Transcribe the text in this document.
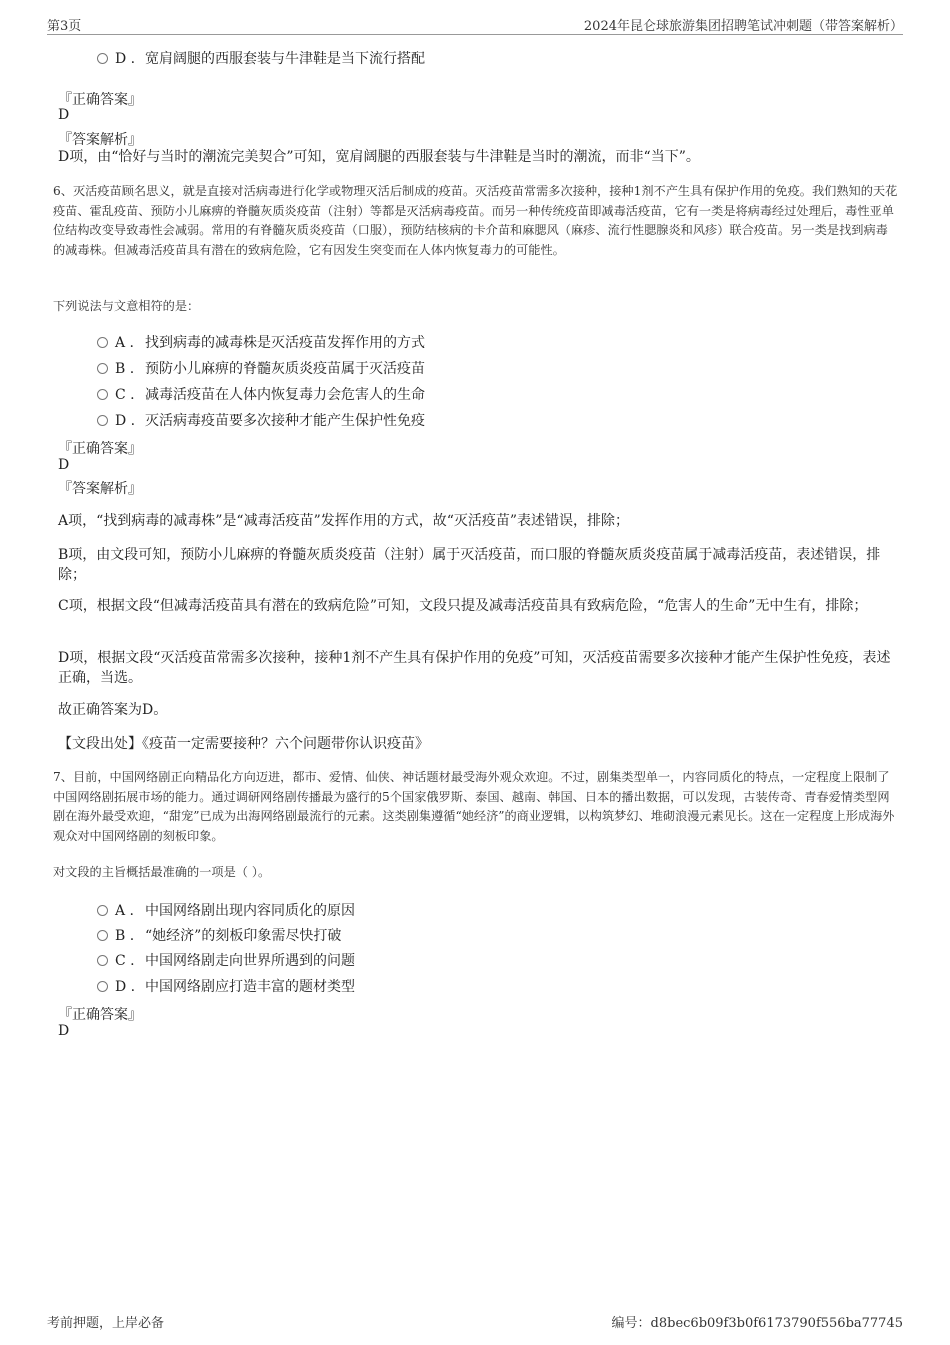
第3页	2024年昆仑球旅游集团招聘笔试冲刺题（带答案解析）
D . 宽肩阔腿的西服套装与牛津鞋是当下流行搭配
『正确答案』
D
『答案解析』
D项，由“恰好与当时的潮流完美契合”可知，宽肩阔腿的西服套装与牛津鞋是当时的潮流，而非“当下”。
6、灭活疫苗顾名思义，就是直接对活病毒进行化学或物理灭活后制成的疫苗。灭活疫苗常需多次接种，接种1剂不产生具有保护作用的免疫。我们熟知的天花疫苗、霍乱疫苗、预防小儿麻痹的脊髓灰质炎疫苗（注射）等都是灭活病毒疫苗。而另一种传统疫苗即减毒活疫苗，它有一类是将病毒经过处理后，毒性亚单位结构改变导致毒性会减弱。常用的有脊髓灰质炎疫苗（口服），预防结核病的卡介苗和麻腮风（麻疹、流行性腮腺炎和风疹）联合疫苗。另一类是找到病毒的减毒株。但减毒活疫苗具有潜在的致病危险，它有因发生突变而在人体内恢复毒力的可能性。
下列说法与文意相符的是：
A . 找到病毒的减毒株是灭活疫苗发挥作用的方式
B . 预防小儿麻痹的脊髓灰质炎疫苗属于灭活疫苗
C . 减毒活疫苗在人体内恢复毒力会危害人的生命
D . 灭活病毒疫苗要多次接种才能产生保护性免疫
『正确答案』
D
『答案解析』
A项，“找到病毒的减毒株”是“减毒活疫苗”发挥作用的方式，故“灭活疫苗”表述错误，排除；
B项，由文段可知，预防小儿麻痹的脊髓灰质炎疫苗（注射）属于灭活疫苗，而口服的脊髓灰质炎疫苗属于减毒活疫苗，表述错误，排除；
C项，根据文段“但减毒活疫苗具有潜在的致病危险”可知，文段只提及减毒活疫苗具有致病危险，“危害人的生命”无中生有，排除；
D项，根据文段“灭活疫苗常需多次接种，接种1剂不产生具有保护作用的免疫”可知，灭活疫苗需要多次接种才能产生保护性免疫，表述正确，当选。
故正确答案为D。
【文段出处】《疫苗一定需要接种？六个问题带你认识疫苗》
7、目前，中国网络剧正向精品化方向迈进，都市、爱情、仙侠、神话题材最受海外观众欢迎。不过，剧集类型单一，内容同质化的特点，一定程度上限制了中国网络剧拓展市场的能力。通过调研网络剧传播最为盛行的5个国家俄罗斯、泰国、越南、韩国、日本的播出数据，可以发现，古装传奇、青春爱情类型网剧在海外最受欢迎，“甜宠”已成为出海网络剧最流行的元素。这类剧集遵循“她经济”的商业逻辑，以构筑梦幻、堆砌浪漫元素见长。这在一定程度上形成海外观众对中国网络剧的刻板印象。
对文段的主旨概括最准确的一项是（ ）。
A . 中国网络剧出现内容同质化的原因
B . “她经济”的刻板印象需尽快打破
C . 中国网络剧走向世界所遇到的问题
D . 中国网络剧应打造丰富的题材类型
『正确答案』
D
考前押题，上岸必备	编号：d8bec6b09f3b0f6173790f556ba77745
